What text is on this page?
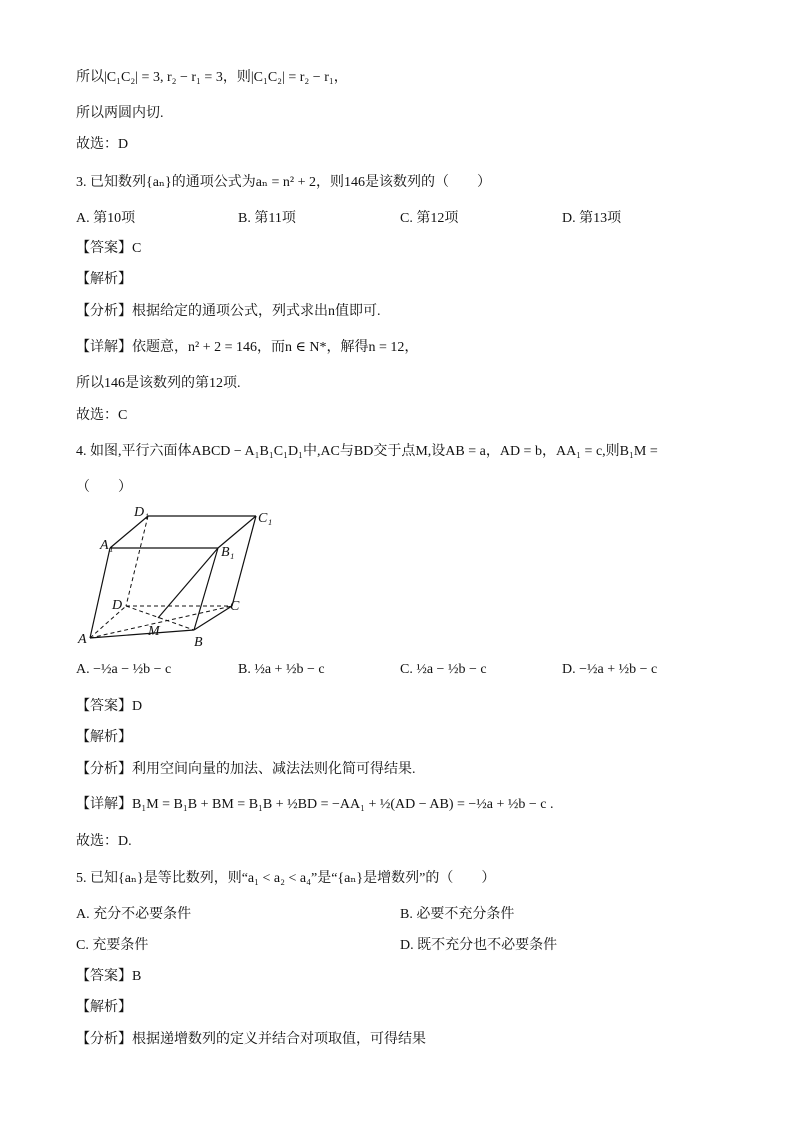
所以|C₁C₂| = 3, r₂ − r₁ = 3，则|C₁C₂| = r₂ − r₁，
所以两圆内切.
故选：D
3. 已知数列{aₙ}的通项公式为aₙ = n² + 2，则146是该数列的（　　）
A. 第10项	B. 第11项	C. 第12项	D. 第13项
【答案】C
【解析】
【分析】根据给定的通项公式，列式求出n值即可.
【详解】依题意，n² + 2 = 146，而n ∈ N*，解得n = 12，
所以146是该数列的第12项.
故选：C
4. 如图,平行六面体ABCD − A₁B₁C₁D₁中,AC与BD交于点M,设AB = a，AD = b，AA₁ = c,则B₁M =
（　　）
D₁	C₁
A₁	B₁
D	C
M
A	B
A. −½a − ½b − c	B. ½a + ½b − c	C. ½a − ½b − c	D. −½a + ½b − c
【答案】D
【解析】
【分析】利用空间向量的加法、减法法则化简可得结果.
【详解】B₁M = B₁B + BM = B₁B + ½BD = −AA₁ + ½(AD − AB) = −½a + ½b − c .
故选：D.
5. 已知{aₙ}是等比数列，则“a₁ < a₂ < a₄”是“{aₙ}是增数列”的（　　）
A. 充分不必要条件	B. 必要不充分条件
C. 充要条件	D. 既不充分也不必要条件
【答案】B
【解析】
【分析】根据递增数列的定义并结合对项取值，可得结果
